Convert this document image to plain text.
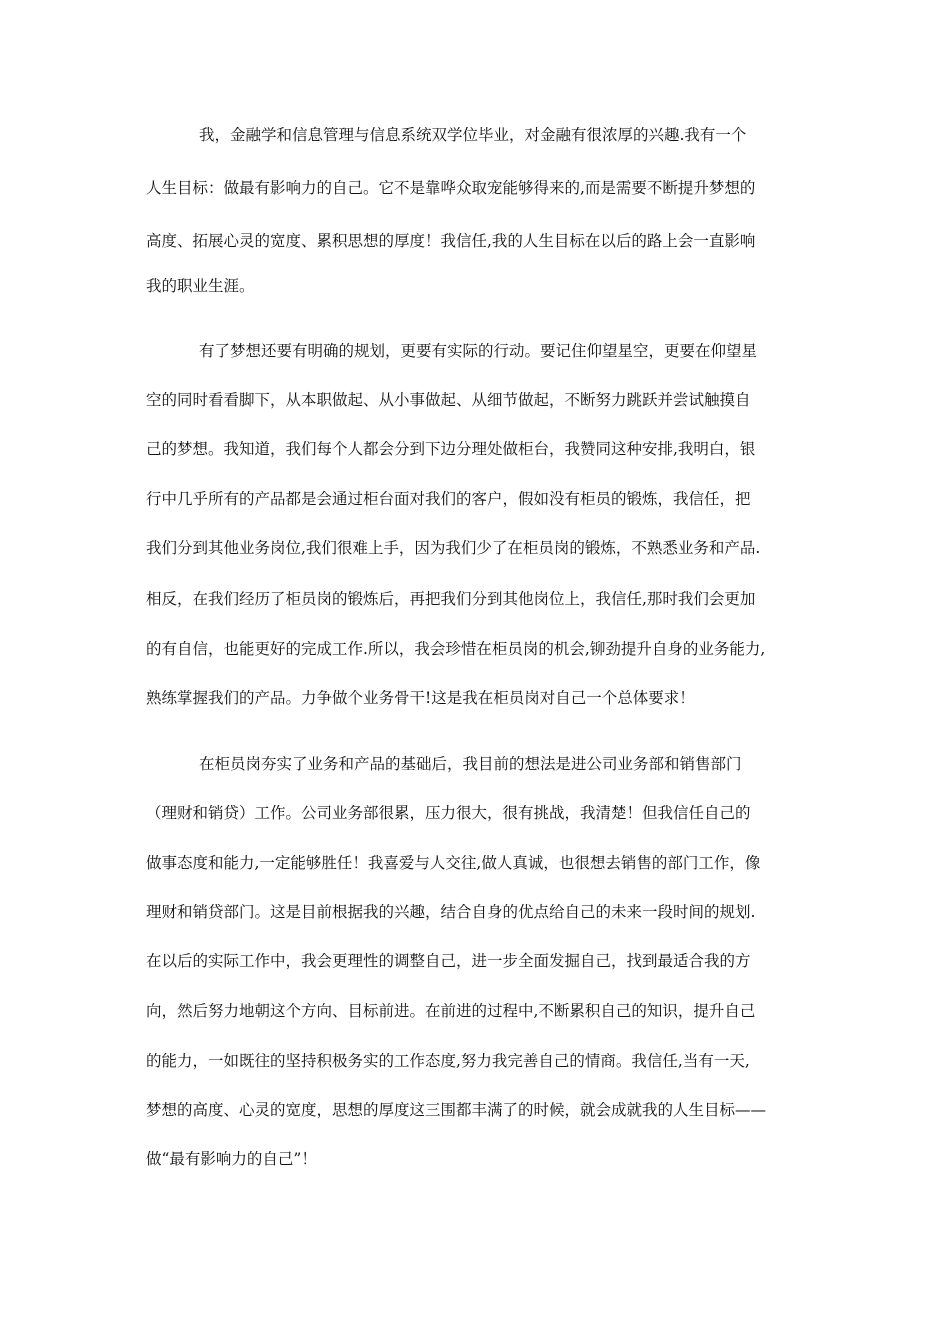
我，金融学和信息管理与信息系统双学位毕业，对金融有很浓厚的兴趣.我有一个
人生目标：做最有影响力的自己。它不是靠哗众取宠能够得来的,而是需要不断提升梦想的
高度、拓展心灵的宽度、累积思想的厚度！我信任,我的人生目标在以后的路上会一直影响
我的职业生涯。
有了梦想还要有明确的规划，更要有实际的行动。要记住仰望星空，更要在仰望星
空的同时看看脚下，从本职做起、从小事做起、从细节做起，不断努力跳跃并尝试触摸自
己的梦想。我知道，我们每个人都会分到下边分理处做柜台，我赞同这种安排,我明白，银
行中几乎所有的产品都是会通过柜台面对我们的客户，假如没有柜员的锻炼，我信任，把
我们分到其他业务岗位,我们很难上手，因为我们少了在柜员岗的锻炼，不熟悉业务和产品.
相反，在我们经历了柜员岗的锻炼后，再把我们分到其他岗位上，我信任,那时我们会更加
的有自信，也能更好的完成工作.所以，我会珍惜在柜员岗的机会,铆劲提升自身的业务能力,
熟练掌握我们的产品。力争做个业务骨干!这是我在柜员岗对自己一个总体要求！
在柜员岗夯实了业务和产品的基础后，我目前的想法是进公司业务部和销售部门
（理财和销贷）工作。公司业务部很累，压力很大，很有挑战，我清楚！但我信任自己的
做事态度和能力,一定能够胜任！我喜爱与人交往,做人真诚，也很想去销售的部门工作，像
理财和销贷部门。这是目前根据我的兴趣，结合自身的优点给自己的未来一段时间的规划.
在以后的实际工作中，我会更理性的调整自己，进一步全面发掘自己，找到最适合我的方
向，然后努力地朝这个方向、目标前进。在前进的过程中,不断累积自己的知识，提升自己
的能力，一如既往的坚持积极务实的工作态度,努力我完善自己的情商。我信任,当有一天,
梦想的高度、心灵的宽度，思想的厚度这三围都丰满了的时候，就会成就我的人生目标——
做“最有影响力的自己”！
